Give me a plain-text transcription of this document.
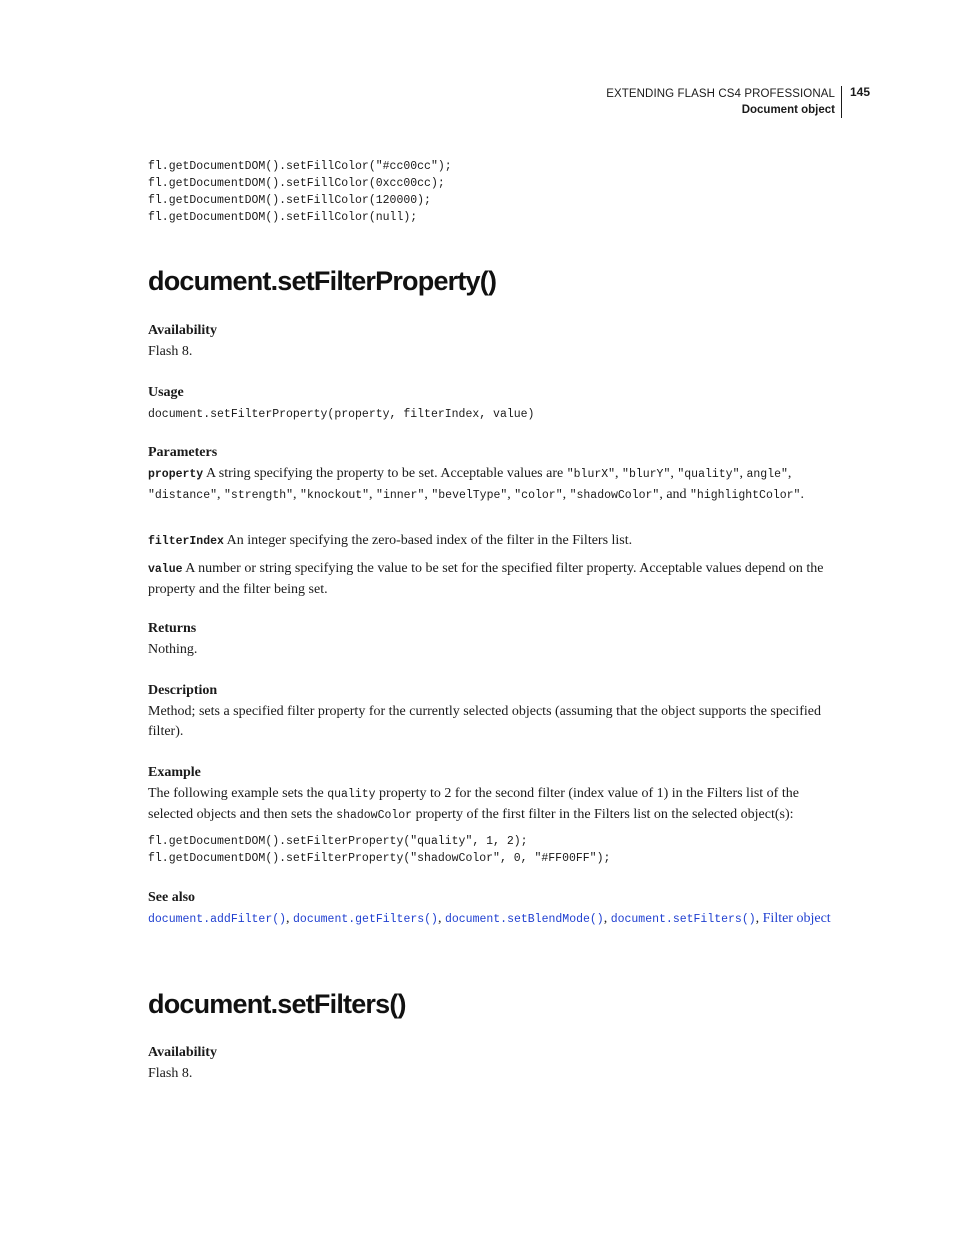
EXTENDING FLASH CS4 PROFESSIONAL
Document object
145
fl.getDocumentDOM().setFillColor("#cc00cc");
fl.getDocumentDOM().setFillColor(0xcc00cc);
fl.getDocumentDOM().setFillColor(120000);
fl.getDocumentDOM().setFillColor(null);
document.setFilterProperty()
Availability

Flash 8.

Usage
document.setFilterProperty(property, filterIndex, value)
Parameters

property A string specifying the property to be set. Acceptable values are "blurX", "blurY", "quality", angle", "distance", "strength", "knockout", "inner", "bevelType", "color", "shadowColor", and "highlightColor".

filterIndex An integer specifying the zero-based index of the filter in the Filters list.

value A number or string specifying the value to be set for the specified filter property. Acceptable values depend on the property and the filter being set.

Returns

Nothing.

Description

Method; sets a specified filter property for the currently selected objects (assuming that the object supports the specified filter).

Example

The following example sets the quality property to 2 for the second filter (index value of 1) in the Filters list of the selected objects and then sets the shadowColor property of the first filter in the Filters list on the selected object(s):

fl.getDocumentDOM().setFilterProperty("quality", 1, 2);
fl.getDocumentDOM().setFilterProperty("shadowColor", 0, "#FF00FF");
See also

document.addFilter(), document.getFilters(), document.setBlendMode(), document.setFilters(), Filter object

document.setFilters()
Availability

Flash 8.
